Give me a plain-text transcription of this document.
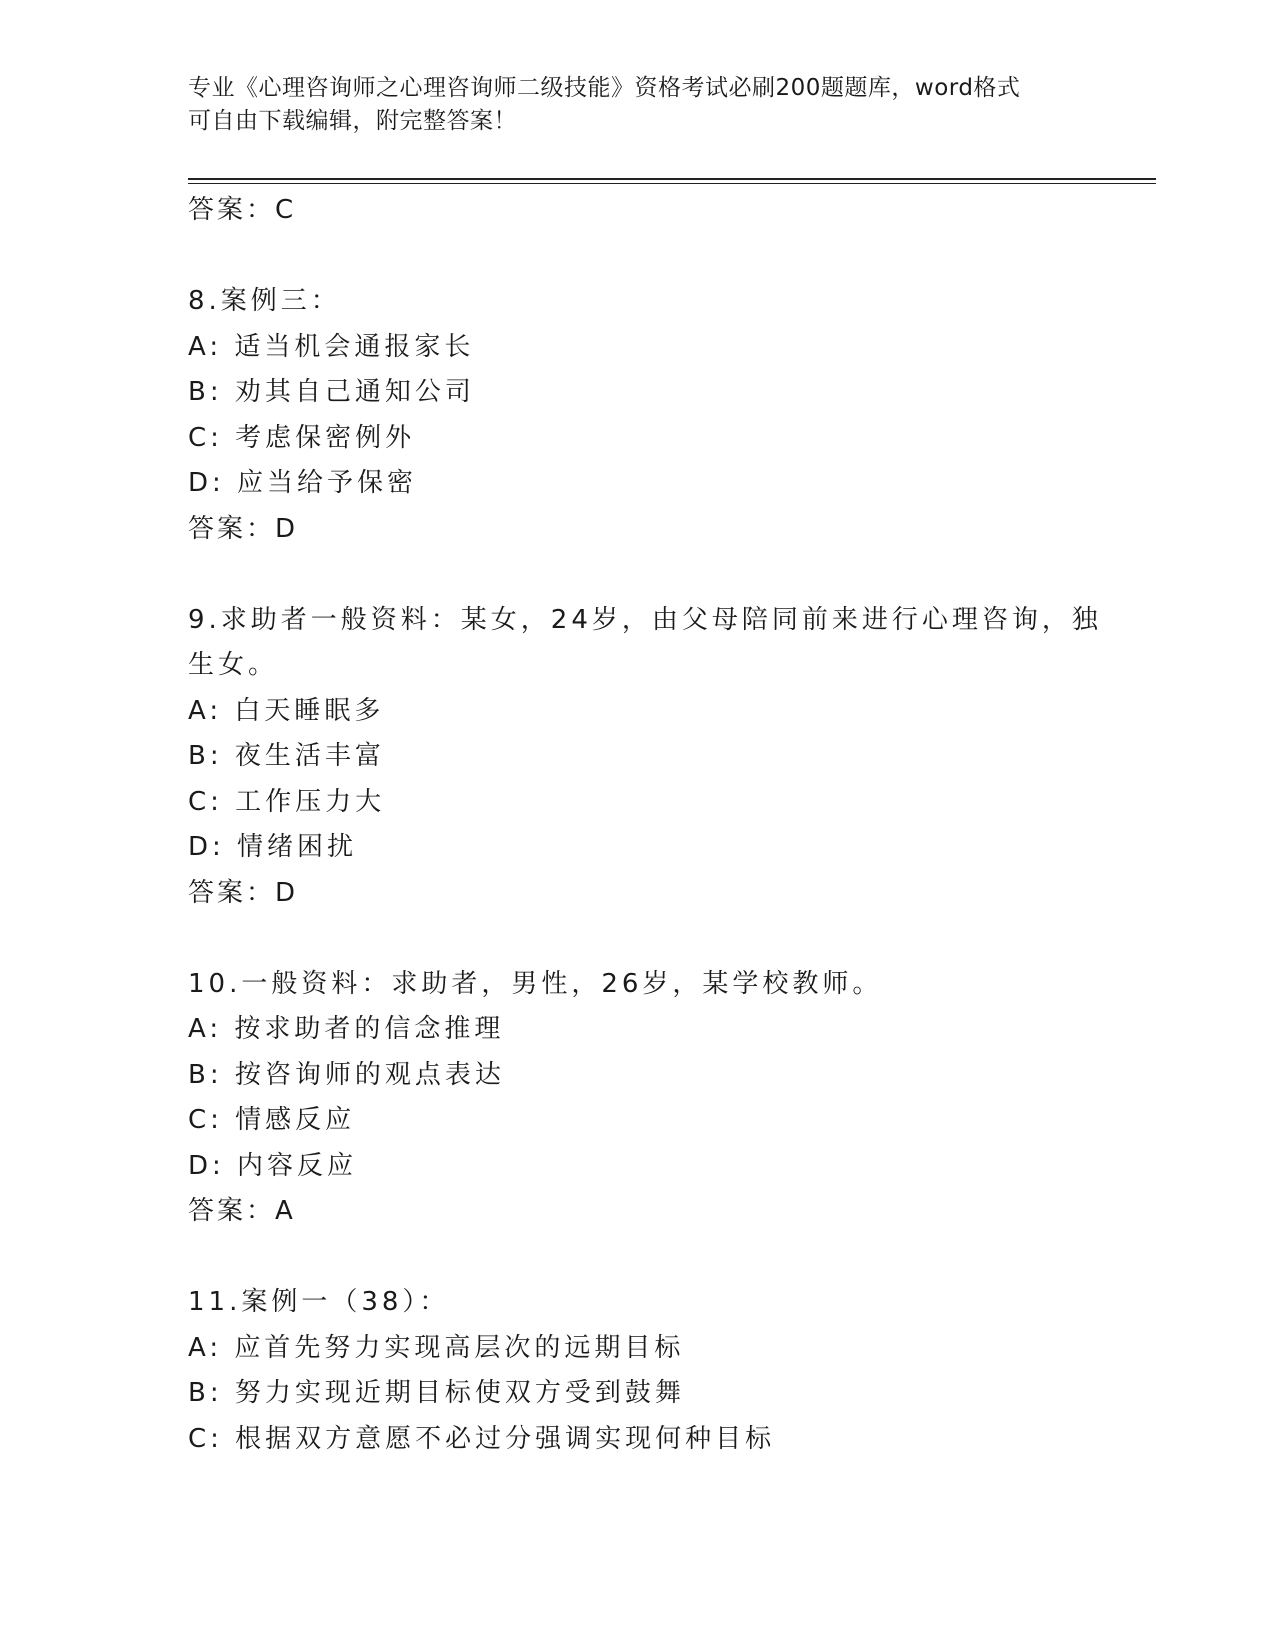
专业《心理咨询师之心理咨询师二级技能》资格考试必刷200题题库，word格式
可自由下载编辑，附完整答案！
答案：C
8.案例三：
A: 适当机会通报家长
B: 劝其自己通知公司
C: 考虑保密例外
D: 应当给予保密
答案：D
9.求助者一般资料：某女，24岁，由父母陪同前来进行心理咨询，独
生女。
A: 白天睡眠多
B: 夜生活丰富
C: 工作压力大
D: 情绪困扰
答案：D
10.一般资料：求助者，男性，26岁，某学校教师。
A: 按求助者的信念推理
B: 按咨询师的观点表达
C: 情感反应
D: 内容反应
答案：A
11.案例一（38）：
A: 应首先努力实现高层次的远期目标
B: 努力实现近期目标使双方受到鼓舞
C: 根据双方意愿不必过分强调实现何种目标
